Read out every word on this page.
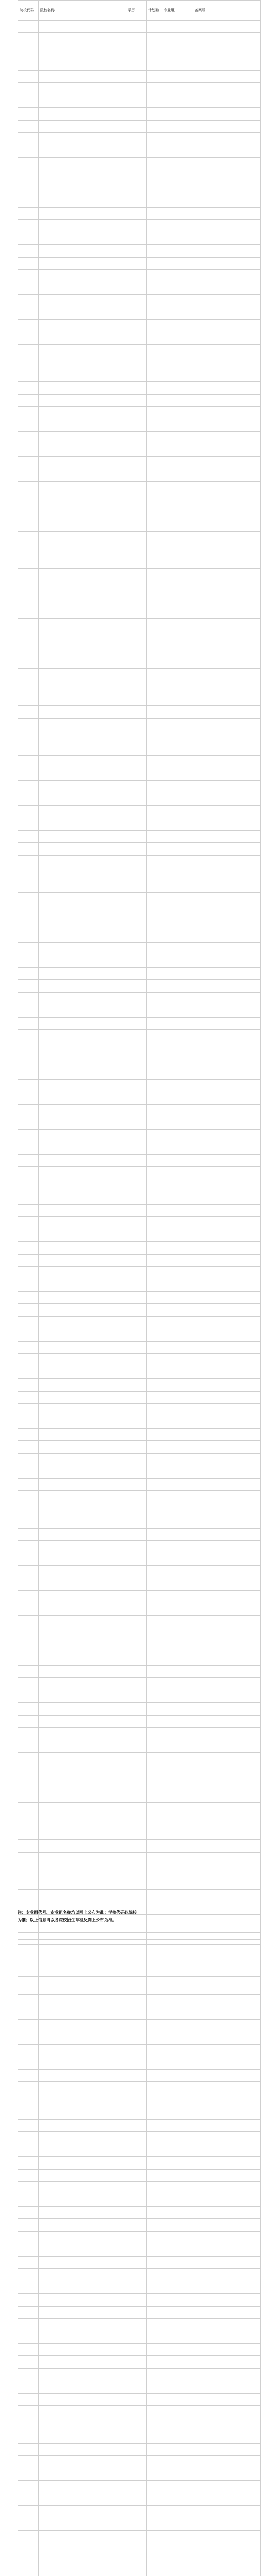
院校代码	院校名称	学历	计划数	专业组	备案号

注：专业组代号、专业组名称均以网上公布为准；学校代码以院校
为准；以上信息请以各院校招生章程及网上公布为准。
